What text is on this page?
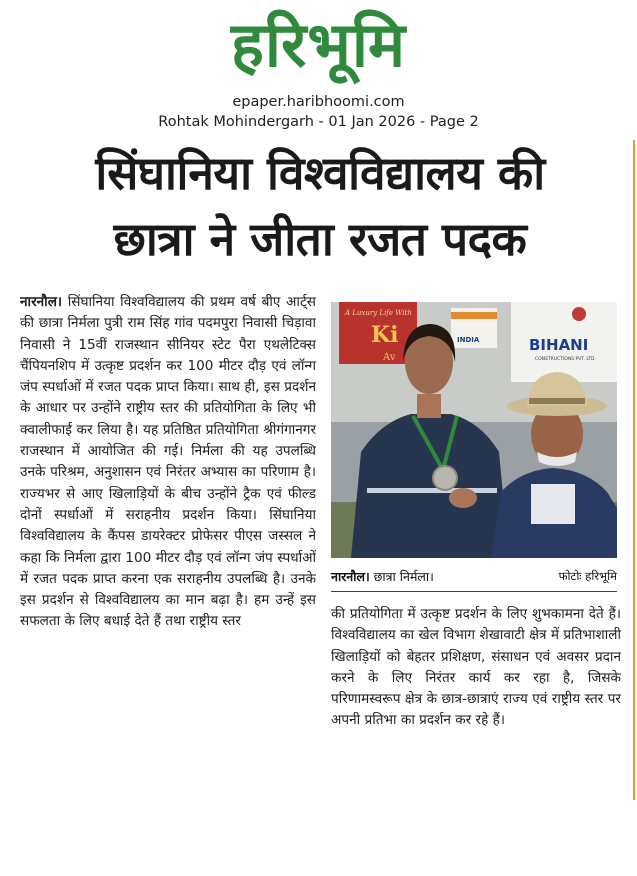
हरिभूमि
epaper.haribhoomi.com
Rohtak Mohindergarh - 01 Jan 2026 - Page 2
सिंघानिया विश्वविद्यालय की
छात्रा ने जीता रजत पदक
नारनौल। सिंघानिया विश्वविद्यालय की प्रथम वर्ष बीए आर्ट्स की छात्रा निर्मला पुत्री राम सिंह गांव पदमपुरा निवासी चिड़ावा निवासी ने 15वीं राजस्थान सीनियर स्टेट पैरा एथलेटिक्स चैंपियनशिप में उत्कृष्ट प्रदर्शन कर 100 मीटर दौड़ एवं लॉन्ग जंप स्पर्धाओं में रजत पदक प्राप्त किया। साथ ही, इस प्रदर्शन के आधार पर उन्होंने राष्ट्रीय स्तर की प्रतियोगिता के लिए भी क्वालीफाई कर लिया है। यह प्रतिष्ठित प्रतियोगिता श्रीगंगानगर राजस्थान में आयोजित की गई। निर्मला की यह उपलब्धि उनके परिश्रम, अनुशासन एवं निरंतर अभ्यास का परिणाम है। राज्यभर से आए खिलाड़ियों के बीच उन्होंने ट्रैक एवं फील्ड दोनों स्पर्धाओं में सराहनीय प्रदर्शन किया। सिंघानिया विश्वविद्यालय के कैंपस डायरेक्टर प्रोफेसर पीएस जस्सल ने कहा कि निर्मला द्वारा 100 मीटर दौड़ एवं लॉन्ग जंप स्पर्धाओं में रजत पदक प्राप्त करना एक सराहनीय उपलब्धि है। उनके इस प्रदर्शन से विश्वविद्यालय का मान बढ़ा है। हम उन्हें इस सफलता के लिए बधाई देते हैं तथा राष्ट्रीय स्तर
A Luxury Life With
Ki
Av
INDIA	BIHANI
CONSTRUCTIONS PVT. LTD.
नारनौल। छात्रा निर्मला।	फोटोः हरिभूमि
की प्रतियोगिता में उत्कृष्ट प्रदर्शन के लिए शुभकामना देते हैं। विश्वविद्यालय का खेल विभाग शेखावाटी क्षेत्र में प्रतिभाशाली खिलाड़ियों को बेहतर प्रशिक्षण, संसाधन एवं अवसर प्रदान करने के लिए निरंतर कार्य कर रहा है, जिसके परिणामस्वरूप क्षेत्र के छात्र-छात्राएं राज्य एवं राष्ट्रीय स्तर पर अपनी प्रतिभा का प्रदर्शन कर रहे हैं।
